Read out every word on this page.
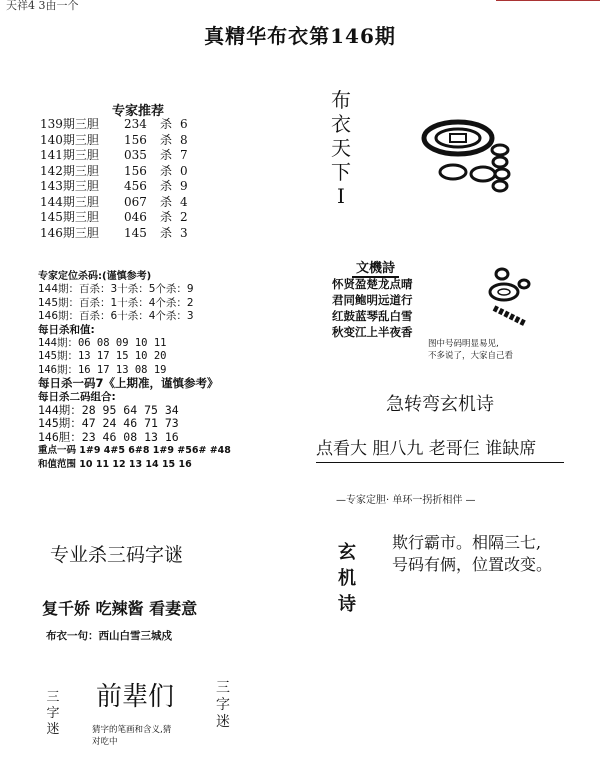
天祥4 3由一个
真精华布衣第146期
专家推荐
139期三胆	234	杀 6
140期三胆	156	杀 8
141期三胆	035	杀 7
142期三胆	156	杀 0
143期三胆	456	杀 9
144期三胆	067	杀 4
145期三胆	046	杀 2
146期三胆	145	杀 3
布
衣
天
下
I
专家定位杀码:(谨慎参考)
144期：百杀：3十杀：5个杀：9
145期：百杀：1十杀：4个杀：2
146期：百杀：6十杀：4个杀：3
每日杀和值:
144期：06 08 09 10 11
145期：13 17 15 10 20
146期：16 17 13 08 19
每日杀一码7《上期准，谨慎参考》
每日杀二码组合:
144期：28 95 64 75 34
145期：47 24 46 71 73
146胆：23 46 08 13 16
重点一码 1#9 4#5 6#8 1#9 #56# #48
和值范围 10 11 12 13 14 15 16
文機詩
怀贤盈楚龙点晴
君同鲍明远道行
红鼓蓝琴乱白雪
秋变江上半夜香
图中号码明显易见,
不多说了，大家自己看
急转弯玄机诗
点看大 胆八九 老哥仨 谁缺席
—专家定胆· 单环一拐折相伴 —
玄机诗
欺行霸市。相隔三七,
号码有俩，位置改变。
专业杀三码字谜
复千娇 吃辣酱 看妻意
布衣一句：西山白雪三城戍
三字迷
前辈们	三字迷
猜字的笔画和含义,猜
对吃中
